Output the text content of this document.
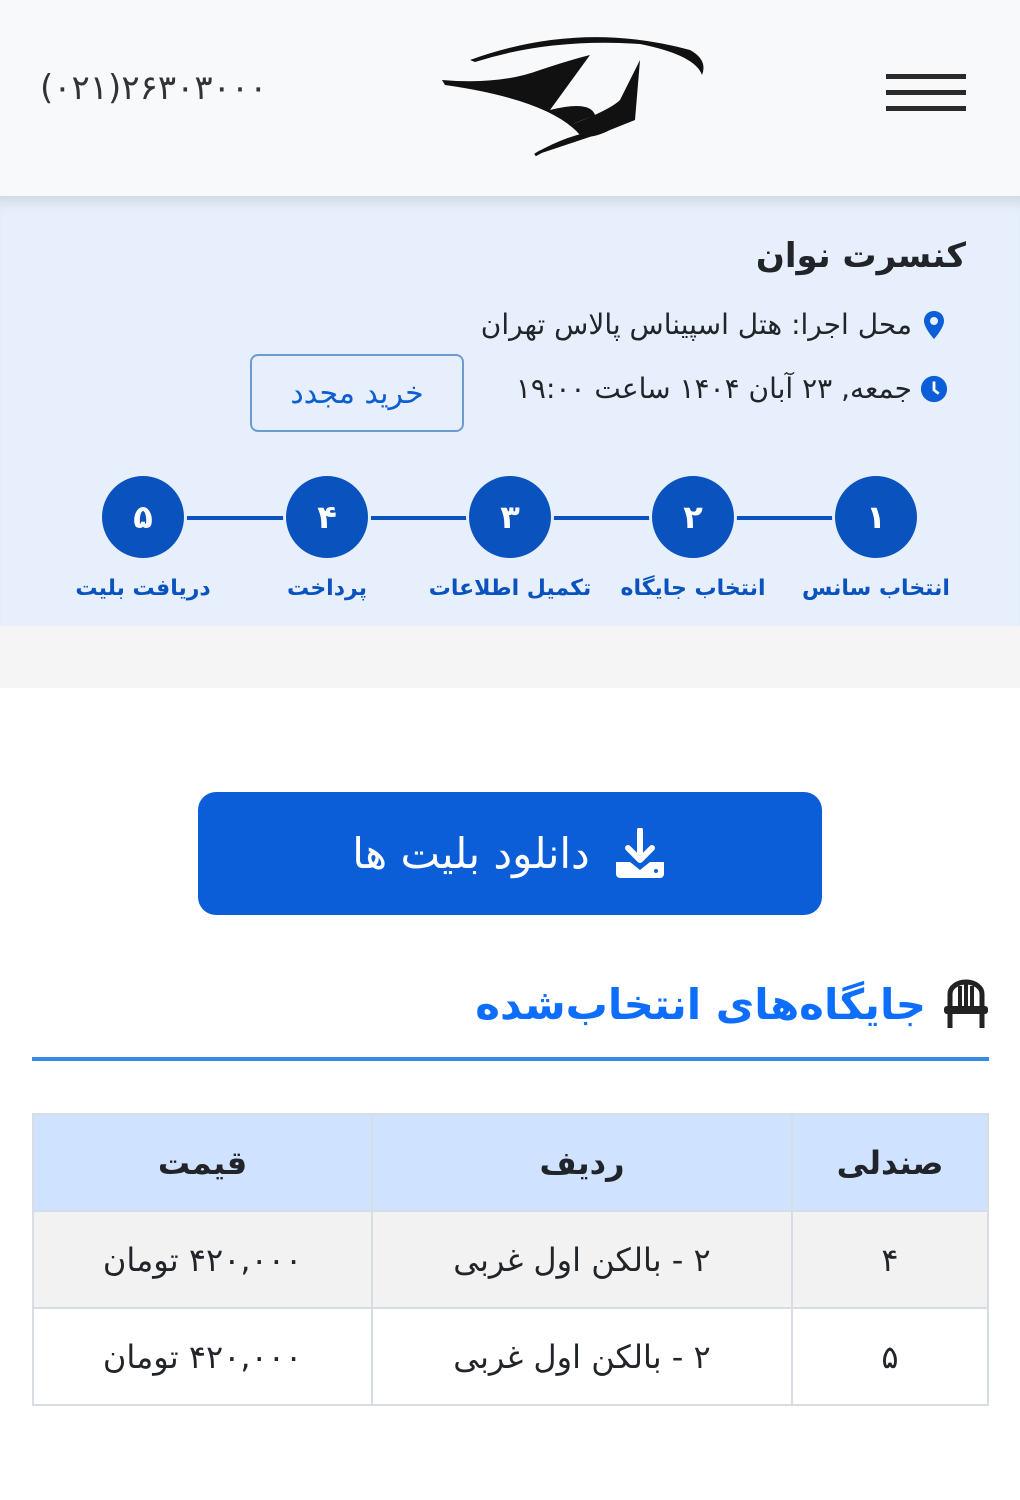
(۰۲۱)۲۶۳۰۳۰۰۰
کنسرت نوان
محل اجرا: هتل اسپیناس پالاس تهران
جمعه, ۲۳ آبان ۱۴۰۴ ساعت ۱۹:۰۰
خرید مجدد
۱
انتخاب سانس
۲
انتخاب جایگاه
۳
تکمیل اطلاعات
۴
پرداخت
۵
دریافت بلیت
دانلود بلیت ها
جایگاه‌های انتخاب‌شده
صندلی	ردیف	قیمت
۴	۲ - بالکن اول غربی	۴۲۰,۰۰۰ تومان
۵	۲ - بالکن اول غربی	۴۲۰,۰۰۰ تومان
